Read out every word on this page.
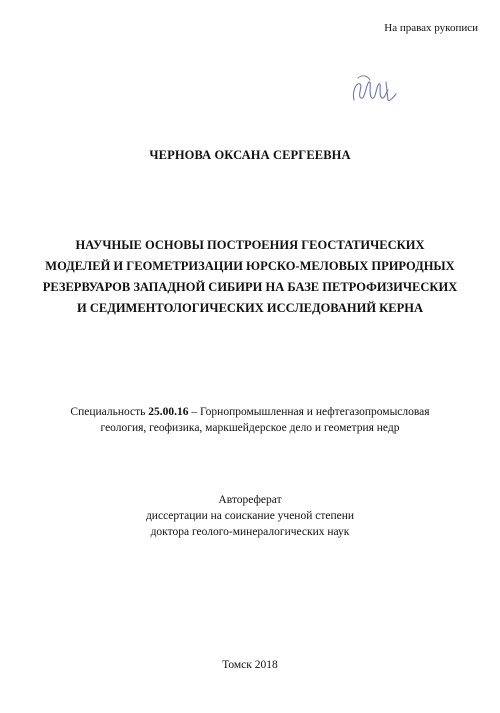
На правах рукописи
ЧЕРНОВА ОКСАНА СЕРГЕЕВНА
НАУЧНЫЕ ОСНОВЫ ПОСТРОЕНИЯ ГЕОСТАТИЧЕСКИХ
МОДЕЛЕЙ И ГЕОМЕТРИЗАЦИИ ЮРСКО-МЕЛОВЫХ ПРИРОДНЫХ
РЕЗЕРВУАРОВ ЗАПАДНОЙ СИБИРИ НА БАЗЕ ПЕТРОФИЗИЧЕСКИХ
И СЕДИМЕНТОЛОГИЧЕСКИХ ИССЛЕДОВАНИЙ КЕРНА
Специальность 25.00.16 – Горнопромышленная и нефтегазопромысловая
геология, геофизика, маркшейдерское дело и геометрия недр
Автореферат
диссертации на соискание ученой степени
доктора геолого-минералогических наук
Томск 2018
